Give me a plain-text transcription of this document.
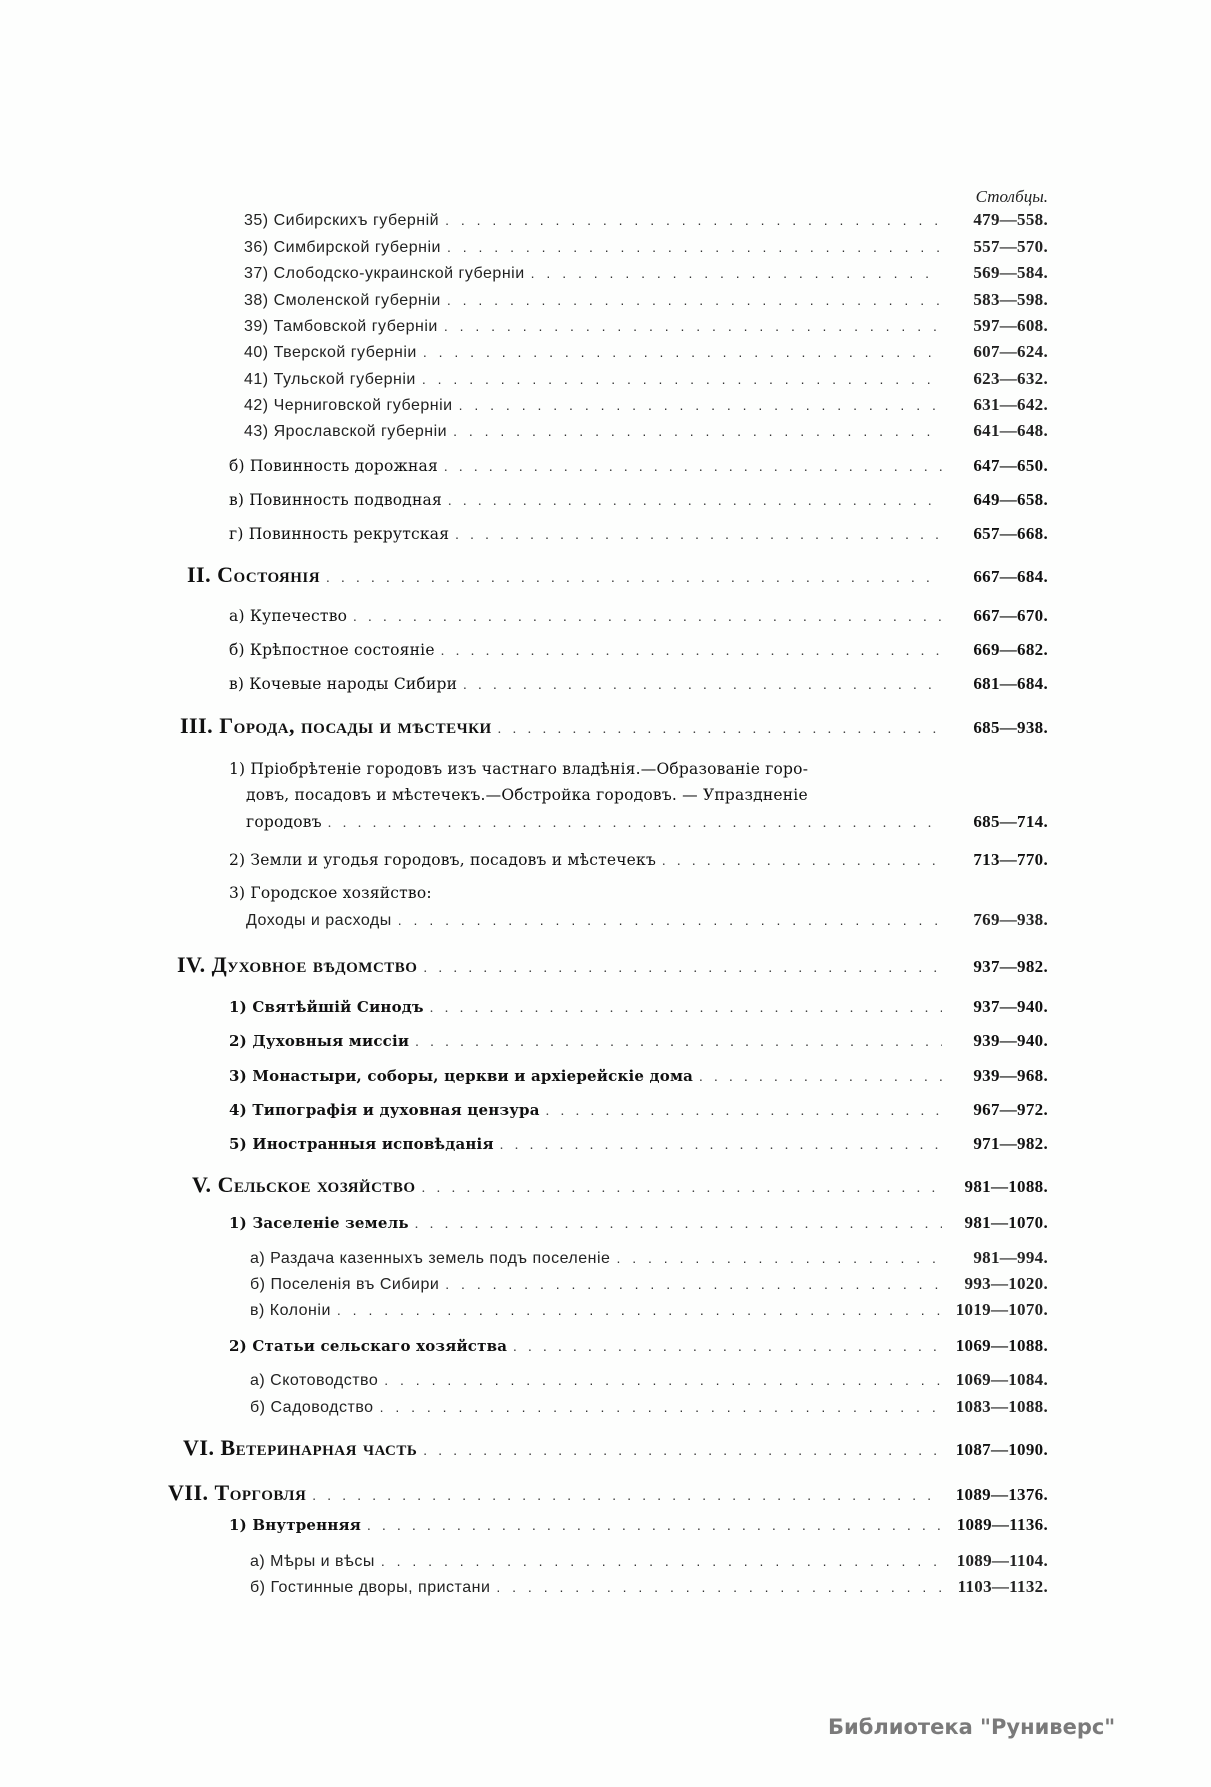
Столбцы.
35) Сибирскихъ губерній . . .	479—558.
36) Симбирской губерніи . . .	557—570.
37) Слободско-украинской губерніи . . .	569—584.
38) Смоленской губерніи . . .	583—598.
39) Тамбовской губерніи . . .	597—608.
40) Тверской губерніи . . .	607—624.
41) Тульской губерніи . . .	623—632.
42) Черниговской губерніи . . .	631—642.
43) Ярославской губерніи . . .	641—648.
б) Повинность дорожная . . .	647—650.
в) Повинность подводная . . .	649—658.
г) Повинность рекрутская . . .	657—668.
II. Состоянія . . .	667—684.
а) Купечество . . .	667—670.
б) Крѣпостное состояніе . . .	669—682.
в) Кочевые народы Сибири . . .	681—684.
III. Города, посады и мѣстечки . . .	685—938.
1) Пріобрѣтеніе городовъ изъ частнаго владѣнія.—Образованіе горо-
довъ, посадовъ и мѣстечекъ.—Обстройка городовъ. — Упраздненіе
городовъ . . .	685—714.
2) Земли и угодья городовъ, посадовъ и мѣстечекъ . . .	713—770.
3) Городское хозяйство:
Доходы и расходы . . .	769—938.
IV. Духовное вѣдомство . . .	937—982.
1) Святѣйшій Синодъ . . .	937—940.
2) Духовныя миссіи . . .	939—940.
3) Монастыри, соборы, церкви и архіерейскіе дома . . .	939—968.
4) Типографія и духовная цензура . . .	967—972.
5) Иностранныя исповѣданія . . .	971—982.
V. Сельское хозяйство . . .	981—1088.
1) Заселеніе земель . . .	981—1070.
а) Раздача казенныхъ земель подъ поселеніе . . .	981—994.
б) Поселенія въ Сибири . . .	993—1020.
в) Колоніи . . .	1019—1070.
2) Статьи сельскаго хозяйства . . .	1069—1088.
а) Скотоводство . . .	1069—1084.
б) Садоводство . . .	1083—1088.
VI. Ветеринарная часть . . .	1087—1090.
VII. Торговля . . .	1089—1376.
1) Внутренняя . . .	1089—1136.
а) Мѣры и вѣсы . . .	1089—1104.
б) Гостинные дворы, пристани . . .	1103—1132.
Библиотека "Руниверс"
